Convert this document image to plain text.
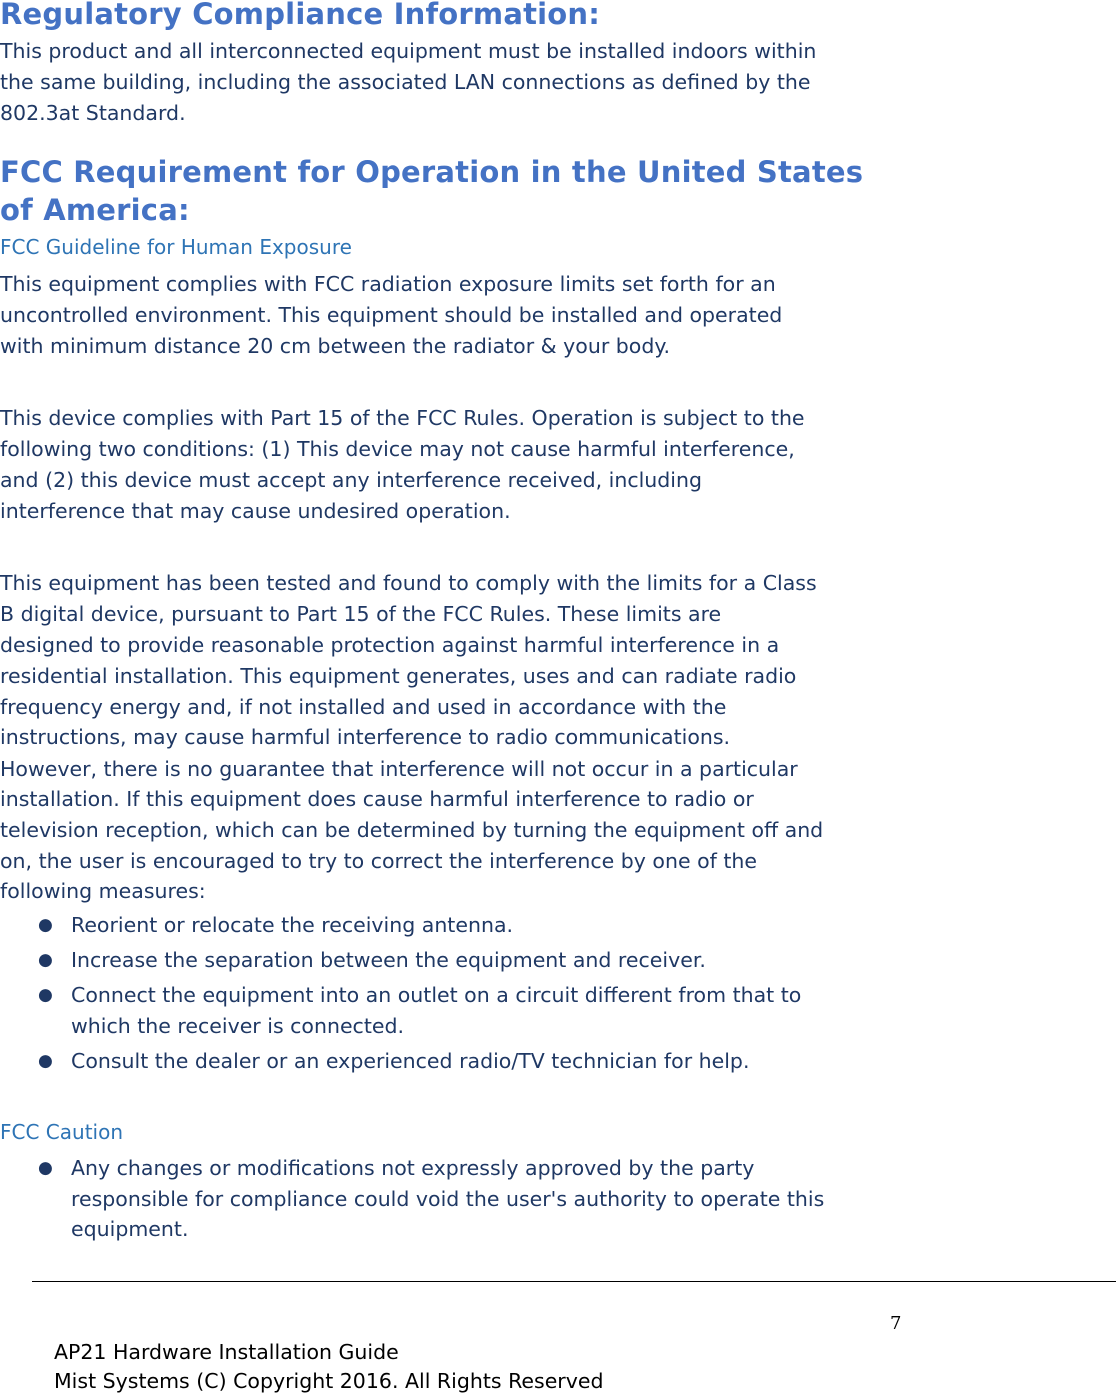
Regulatory Compliance Information:
This product and all interconnected equipment must be installed indoors within
the same building, including the associated LAN connections as defined by the
802.3at Standard.
FCC Requirement for Operation in the United States
of America:
FCC Guideline for Human Exposure
This equipment complies with FCC radiation exposure limits set forth for an
uncontrolled environment. This equipment should be installed and operated
with minimum distance 20 cm between the radiator & your body.
This device complies with Part 15 of the FCC Rules. Operation is subject to the
following two conditions: (1) This device may not cause harmful interference,
and (2) this device must accept any interference received, including
interference that may cause undesired operation.
This equipment has been tested and found to comply with the limits for a Class
B digital device, pursuant to Part 15 of the FCC Rules. These limits are
designed to provide reasonable protection against harmful interference in a
residential installation. This equipment generates, uses and can radiate radio
frequency energy and, if not installed and used in accordance with the
instructions, may cause harmful interference to radio communications.
However, there is no guarantee that interference will not occur in a particular
installation. If this equipment does cause harmful interference to radio or
television reception, which can be determined by turning the equipment off and
on, the user is encouraged to try to correct the interference by one of the
following measures:
● Reorient or relocate the receiving antenna.
● Increase the separation between the equipment and receiver.
● Connect the equipment into an outlet on a circuit different from that to
which the receiver is connected.
● Consult the dealer or an experienced radio/TV technician for help.
FCC Caution
● Any changes or modifications not expressly approved by the party
responsible for compliance could void the user's authority to operate this
equipment.
7
AP21 Hardware Installation Guide
Mist Systems (C) Copyright 2016. All Rights Reserved
